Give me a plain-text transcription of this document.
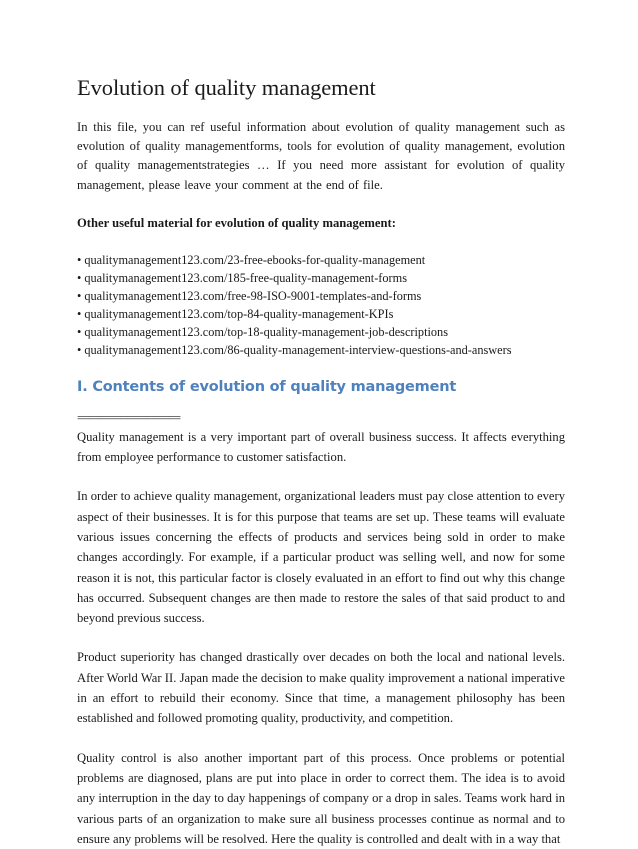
Evolution of quality management

In this file, you can ref useful information about evolution of quality management such as evolution of quality managementforms, tools for evolution of quality management, evolution of quality managementstrategies … If you need more assistant for evolution of quality management, please leave your comment at the end of file.

Other useful material for evolution of quality management:

• qualitymanagement123.com/23-free-ebooks-for-quality-management
• qualitymanagement123.com/185-free-quality-management-forms
• qualitymanagement123.com/free-98-ISO-9001-templates-and-forms
• qualitymanagement123.com/top-84-quality-management-KPIs
• qualitymanagement123.com/top-18-quality-management-job-descriptions
• qualitymanagement123.com/86-quality-management-interview-questions-and-answers
I. Contents of evolution of quality management

==================

Quality management is a very important part of overall business success. It affects everything from employee performance to customer satisfaction.

In order to achieve quality management, organizational leaders must pay close attention to every aspect of their businesses. It is for this purpose that teams are set up. These teams will evaluate various issues concerning the effects of products and services being sold in order to make changes accordingly. For example, if a particular product was selling well, and now for some reason it is not, this particular factor is closely evaluated in an effort to find out why this change has occurred. Subsequent changes are then made to restore the sales of that said product to and beyond previous success.

Product superiority has changed drastically over decades on both the local and national levels. After World War II. Japan made the decision to make quality improvement a national imperative in an effort to rebuild their economy. Since that time, a management philosophy has been established and followed promoting quality, productivity, and competition.

Quality control is also another important part of this process. Once problems or potential problems are diagnosed, plans are put into place in order to correct them. The idea is to avoid any interruption in the day to day happenings of company or a drop in sales. Teams work hard in various parts of an organization to make sure all business processes continue as normal and to ensure any problems will be resolved. Here the quality is controlled and dealt with in a way that
